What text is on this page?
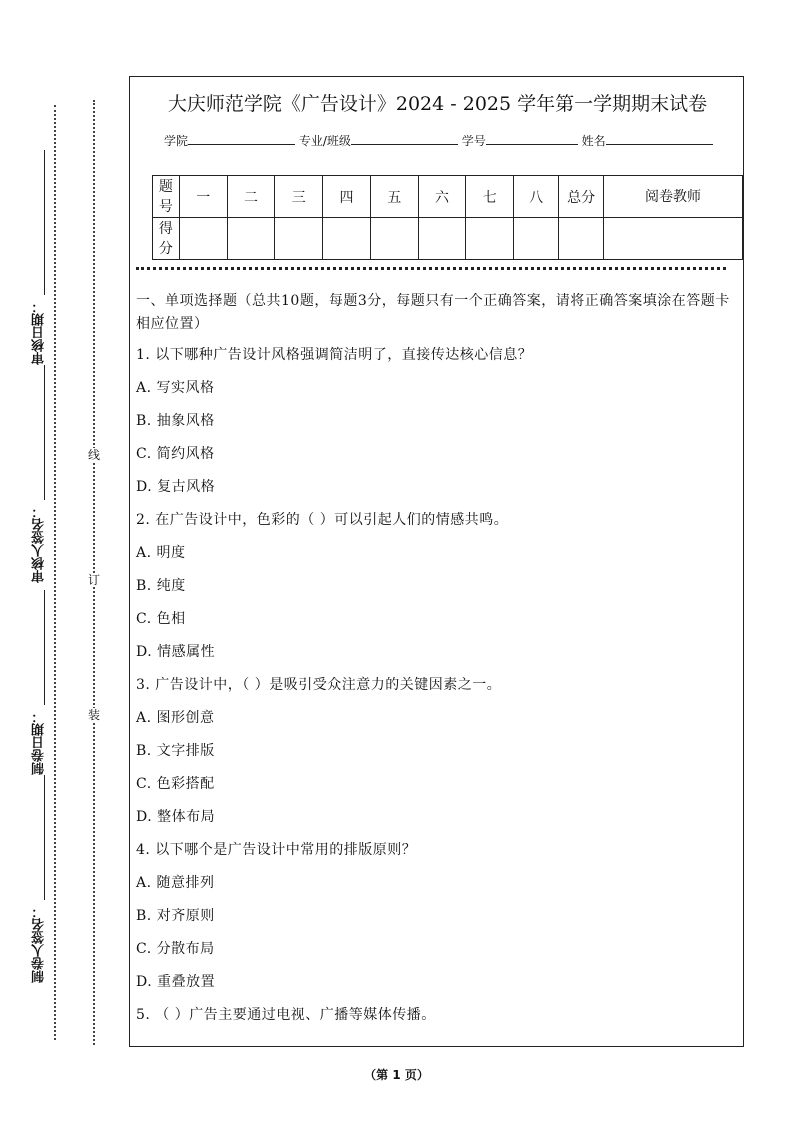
审核日期：
审核人签名：
制卷日期：
制卷人签名：
线
订
装
大庆师范学院《广告设计》2024 - 2025 学年第一学期期末试卷
学院	专业/班级	学号	姓名
题号	一	二	三	四	五	六	七	八	总分	阅卷教师
得分										
一、单项选择题（总共10题，每题3分，每题只有一个正确答案，请将正确答案填涂在答题卡相应位置）
1. 以下哪种广告设计风格强调简洁明了，直接传达核心信息？
A. 写实风格
B. 抽象风格
C. 简约风格
D. 复古风格
2. 在广告设计中，色彩的（ ）可以引起人们的情感共鸣。
A. 明度
B. 纯度
C. 色相
D. 情感属性
3. 广告设计中，（ ）是吸引受众注意力的关键因素之一。
A. 图形创意
B. 文字排版
C. 色彩搭配
D. 整体布局
4. 以下哪个是广告设计中常用的排版原则？
A. 随意排列
B. 对齐原则
C. 分散布局
D. 重叠放置
5. （ ）广告主要通过电视、广播等媒体传播。
（第 1 页）
